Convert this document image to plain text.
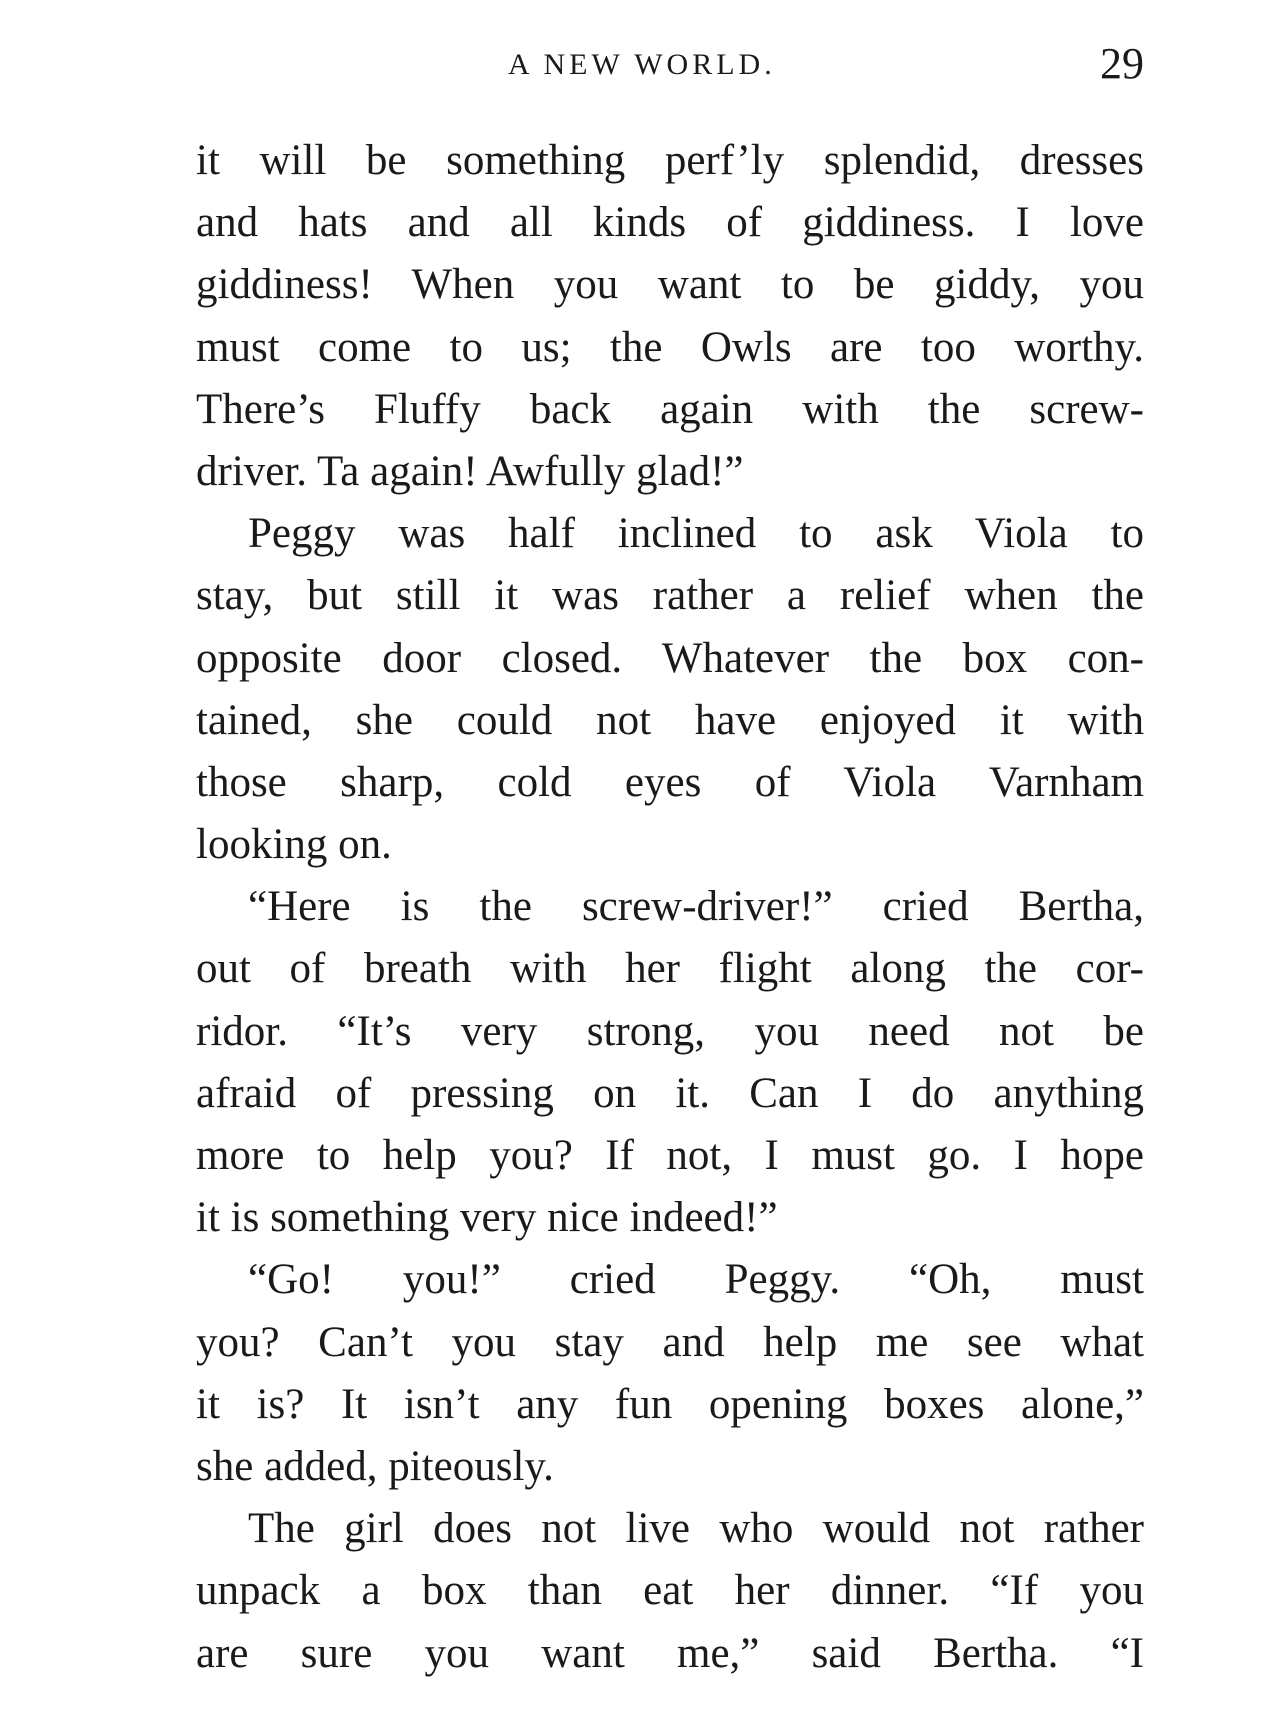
A NEW WORLD.	29
it will be something perf’ly splendid, dresses
and hats and all kinds of giddiness. I love
giddiness! When you want to be giddy, you
must come to us; the Owls are too worthy.
There’s Fluffy back again with the screw-
driver. Ta again! Awfully glad!”
Peggy was half inclined to ask Viola to
stay, but still it was rather a relief when the
opposite door closed. Whatever the box con-
tained, she could not have enjoyed it with
those sharp, cold eyes of Viola Varnham
looking on.
“Here is the screw-driver!” cried Bertha,
out of breath with her flight along the cor-
ridor. “It’s very strong, you need not be
afraid of pressing on it. Can I do anything
more to help you? If not, I must go. I hope
it is something very nice indeed!”
“Go! you!” cried Peggy. “Oh, must
you? Can’t you stay and help me see what
it is? It isn’t any fun opening boxes alone,”
she added, piteously.
The girl does not live who would not rather
unpack a box than eat her dinner. “If you
are sure you want me,” said Bertha. “I
